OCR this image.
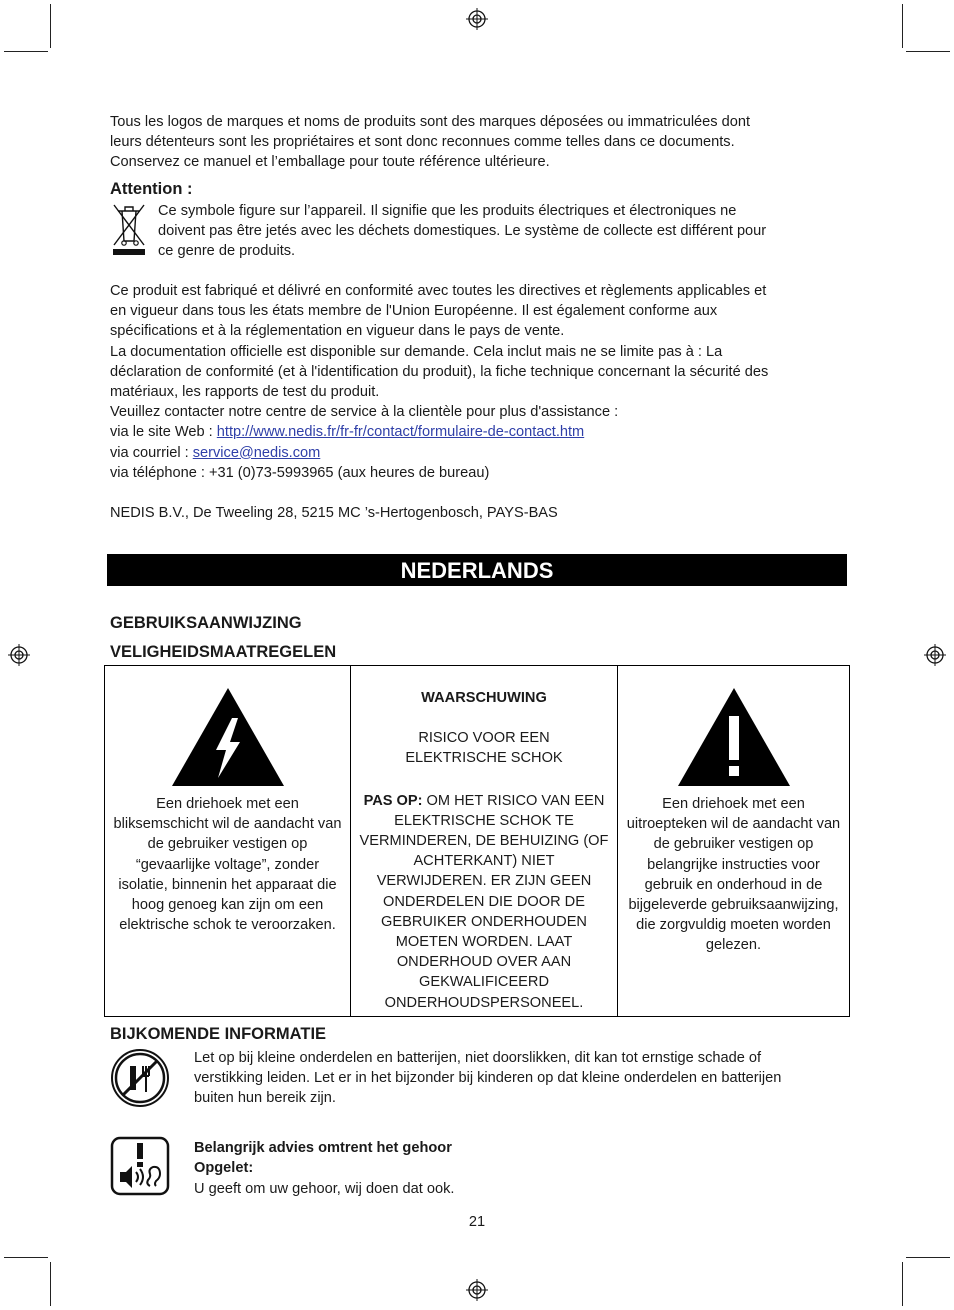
Tous les logos de marques et noms de produits sont des marques déposées ou immatriculées dont

leurs détenteurs sont les propriétaires et sont donc reconnues comme telles dans ce documents.

Conservez ce manuel et l’emballage pour toute référence ultérieure.

Attention :

Ce symbole figure sur l’appareil. Il signifie que les produits électriques et électroniques ne

doivent pas être jetés avec les déchets domestiques. Le système de collecte est différent pour

ce genre de produits.

Ce produit est fabriqué et délivré en conformité avec toutes les directives et règlements applicables et

en vigueur dans tous les états membre de l'Union Européenne. Il est également conforme aux

spécifications et à la réglementation en vigueur dans le pays de vente.

La documentation officielle est disponible sur demande. Cela inclut mais ne se limite pas à : La

déclaration de conformité (et à l'identification du produit), la fiche technique concernant la sécurité des

matériaux, les rapports de test du produit.

Veuillez contacter notre centre de service à la clientèle pour plus d'assistance :

via le site Web : http://www.nedis.fr/fr-fr/contact/formulaire-de-contact.htm

via courriel : service@nedis.com

via téléphone : +31 (0)73-5993965 (aux heures de bureau)

NEDIS B.V., De Tweeling 28, 5215 MC ’s-Hertogenbosch, PAYS-BAS

NEDERLANDS
GEBRUIKSAANWIJZING
VELIGHEIDSMAATREGELEN
Een driehoek met een bliksemschicht wil de aandacht van de gebruiker vestigen op “gevaarlijke voltage”, zonder isolatie, binnenin het apparaat die hoog genoeg kan zijn om een elektrische schok te veroorzaken.

WAARSCHUWING
RISICO VOOR EEN
ELEKTRISCHE SCHOK
PAS OP: OM HET RISICO VAN EEN ELEKTRISCHE SCHOK TE VERMINDEREN, DE BEHUIZING (OF ACHTERKANT) NIET VERWIJDEREN. ER ZIJN GEEN ONDERDELEN DIE DOOR DE GEBRUIKER ONDERHOUDEN MOETEN WORDEN. LAAT ONDERHOUD OVER AAN GEKWALIFICEERD ONDERHOUDSPERSONEEL.

Een driehoek met een uitroepteken wil de aandacht van de gebruiker vestigen op belangrijke instructies voor gebruik en onderhoud in de bijgeleverde gebruiksaanwijzing, die zorgvuldig moeten worden gelezen.
BIJKOMENDE INFORMATIE

Let op bij kleine onderdelen en batterijen, niet doorslikken, dit kan tot ernstige schade of

verstikking leiden. Let er in het bijzonder bij kinderen op dat kleine onderdelen en batterijen

buiten hun bereik zijn.

Belangrijk advies omtrent het gehoor

Opgelet:

U geeft om uw gehoor, wij doen dat ook.

21
